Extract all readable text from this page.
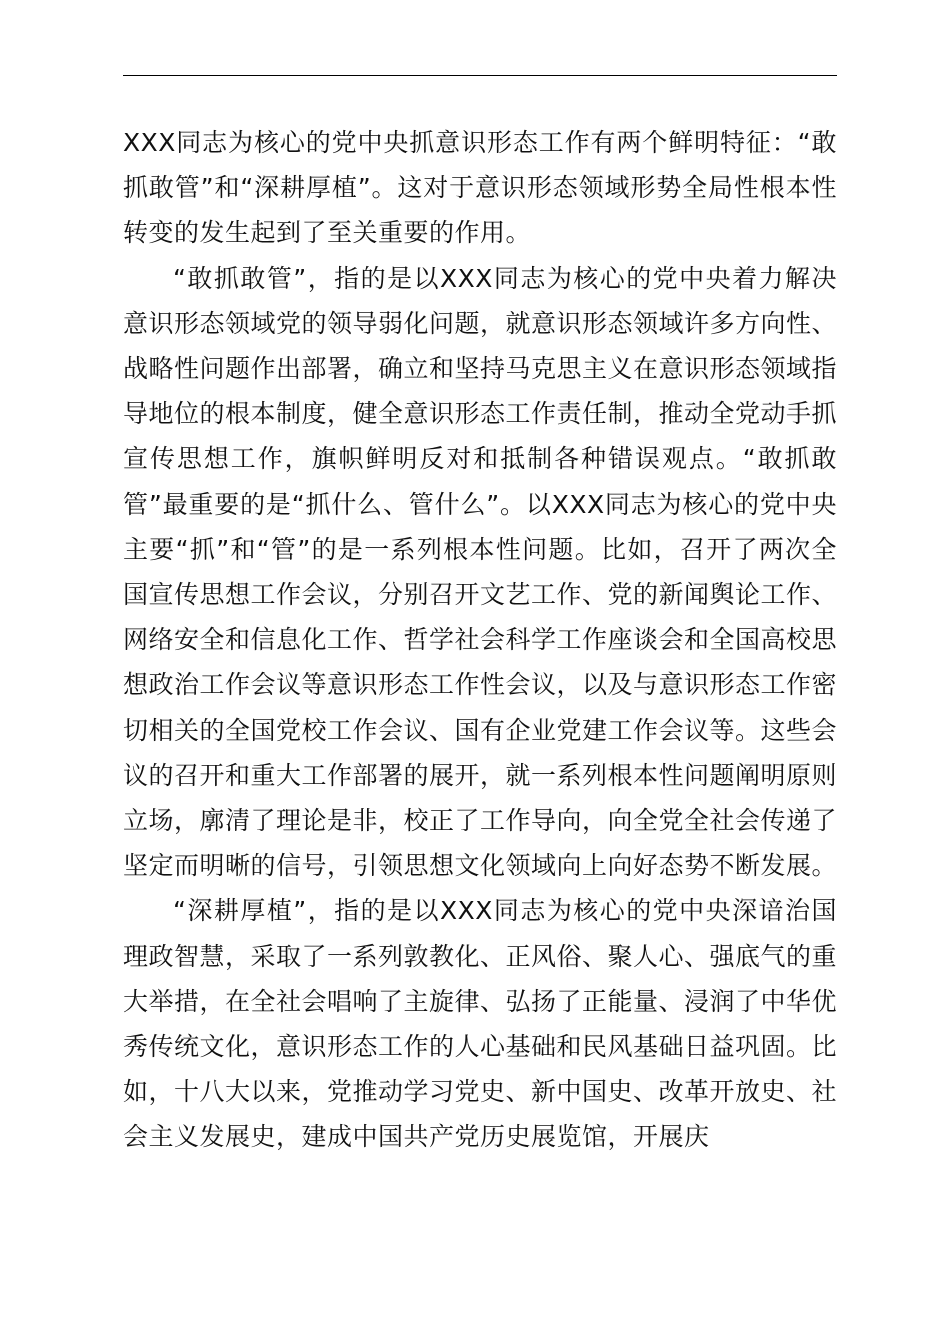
XXX同志为核心的党中央抓意识形态工作有两个鲜明特征：“敢抓敢管”和“深耕厚植”。这对于意识形态领域形势全局性根本性转变的发生起到了至关重要的作用。

“敢抓敢管”，指的是以XXX同志为核心的党中央着力解决意识形态领域党的领导弱化问题，就意识形态领域许多方向性、战略性问题作出部署，确立和坚持马克思主义在意识形态领域指导地位的根本制度，健全意识形态工作责任制，推动全党动手抓宣传思想工作，旗帜鲜明反对和抵制各种错误观点。“敢抓敢管”最重要的是“抓什么、管什么”。以XXX同志为核心的党中央主要“抓”和“管”的是一系列根本性问题。比如，召开了两次全国宣传思想工作会议，分别召开文艺工作、党的新闻舆论工作、网络安全和信息化工作、哲学社会科学工作座谈会和全国高校思想政治工作会议等意识形态工作性会议，以及与意识形态工作密切相关的全国党校工作会议、国有企业党建工作会议等。这些会议的召开和重大工作部署的展开，就一系列根本性问题阐明原则立场，廓清了理论是非，校正了工作导向，向全党全社会传递了坚定而明晰的信号，引领思想文化领域向上向好态势不断发展。

“深耕厚植”，指的是以XXX同志为核心的党中央深谙治国理政智慧，采取了一系列敦教化、正风俗、聚人心、强底气的重大举措，在全社会唱响了主旋律、弘扬了正能量、浸润了中华优秀传统文化，意识形态工作的人心基础和民风基础日益巩固。比如，十八大以来，党推动学习党史、新中国史、改革开放史、社会主义发展史，建成中国共产党历史展览馆，开展庆
